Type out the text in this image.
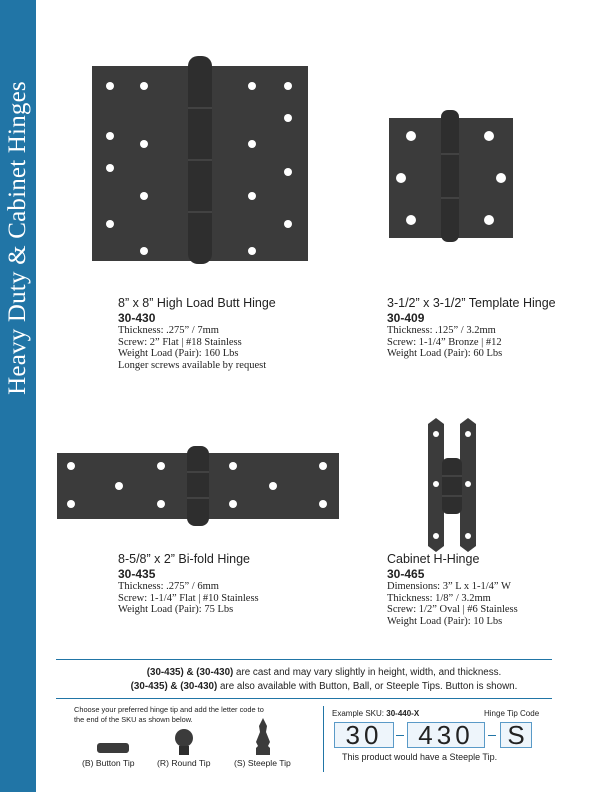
Heavy Duty & Cabinet Hinges	8” x 8” High Load Butt Hinge
30-430
Thickness: .275” / 7mm
Screw: 2” Flat | #18 Stainless
Weight Load (Pair): 160 Lbs
Longer screws available by request
3-1/2” x 3-1/2” Template Hinge
30-409
Thickness: .125” / 3.2mm
Screw: 1-1/4” Bronze | #12
Weight Load (Pair): 60 Lbs
8-5/8” x 2” Bi-fold Hinge
30-435
Thickness: .275” / 6mm
Screw: 1-1/4” Flat | #10 Stainless
Weight Load (Pair): 75 Lbs
Cabinet H-Hinge
30-465
Dimensions: 3” L x 1-1/4” W
Thickness: 1/8” / 3.2mm
Screw: 1/2” Oval | #6 Stainless
Weight Load (Pair): 10 Lbs
(30-435) & (30-430) are cast and may vary slightly in height, width, and thickness.
(30-435) & (30-430) are also available with Button, Ball, or Steeple Tips. Button is shown.
Choose your preferred hinge tip and add the letter code to the end of the SKU as shown below.
(B) Button Tip	(R) Round Tip	(S) Steeple Tip
Example SKU: 30-440-X	Hinge Tip Code
30	430	S
This product would have a Steeple Tip.
